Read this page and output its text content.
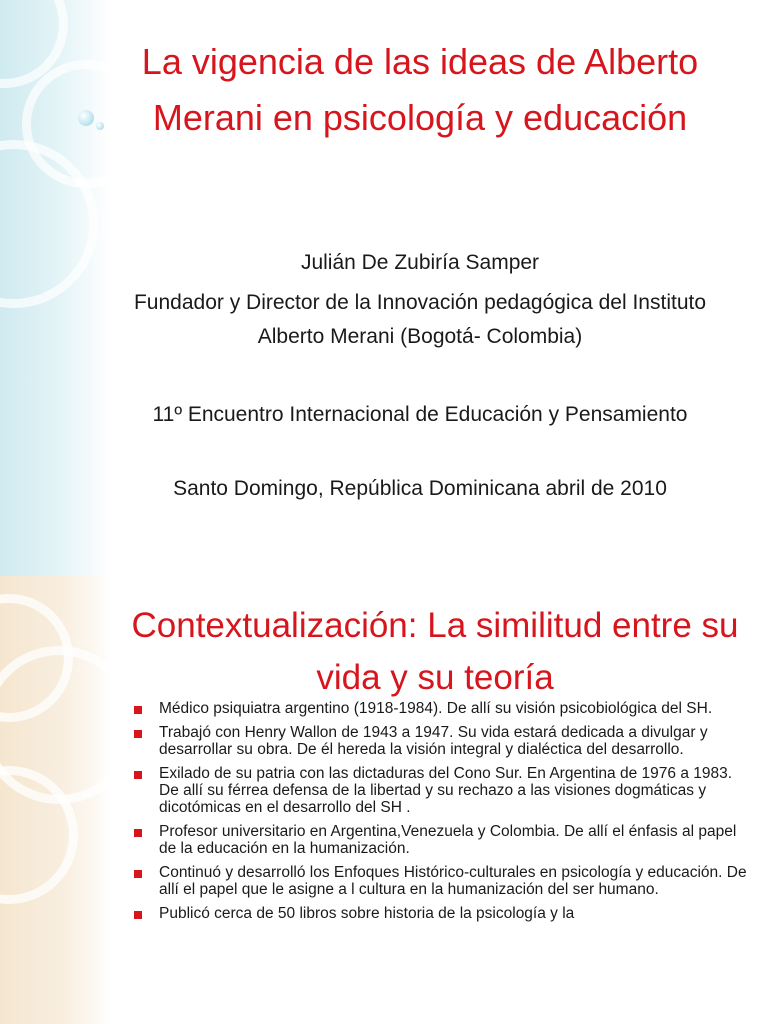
La vigencia de las ideas de Alberto Merani en psicología y educación

Julián De Zubiría Samper

Fundador y Director de la Innovación pedagógica del Instituto Alberto Merani (Bogotá- Colombia)

11º Encuentro Internacional de Educación y Pensamiento

Santo Domingo, República Dominicana abril de 2010

Contextualización: La similitud entre su vida y su teoría
Médico psiquiatra argentino (1918-1984). De allí su visión psicobiológica del SH.
Trabajó con Henry Wallon de 1943 a 1947. Su vida estará dedicada a divulgar y desarrollar su obra. De él hereda la visión integral y dialéctica del desarrollo.
Exilado de su patria con las dictaduras del Cono Sur. En Argentina de 1976 a 1983. De allí su férrea defensa de la libertad y su rechazo a las visiones dogmáticas y dicotómicas en el desarrollo del SH .
Profesor universitario en Argentina,Venezuela y Colombia. De allí el énfasis al papel de la educación en la humanización.
Continuó y desarrolló los Enfoques Histórico-culturales en psicología y educación. De allí el papel que le asigne a l cultura en la humanización del ser humano.
Publicó cerca de 50 libros sobre historia de la psicología y la
